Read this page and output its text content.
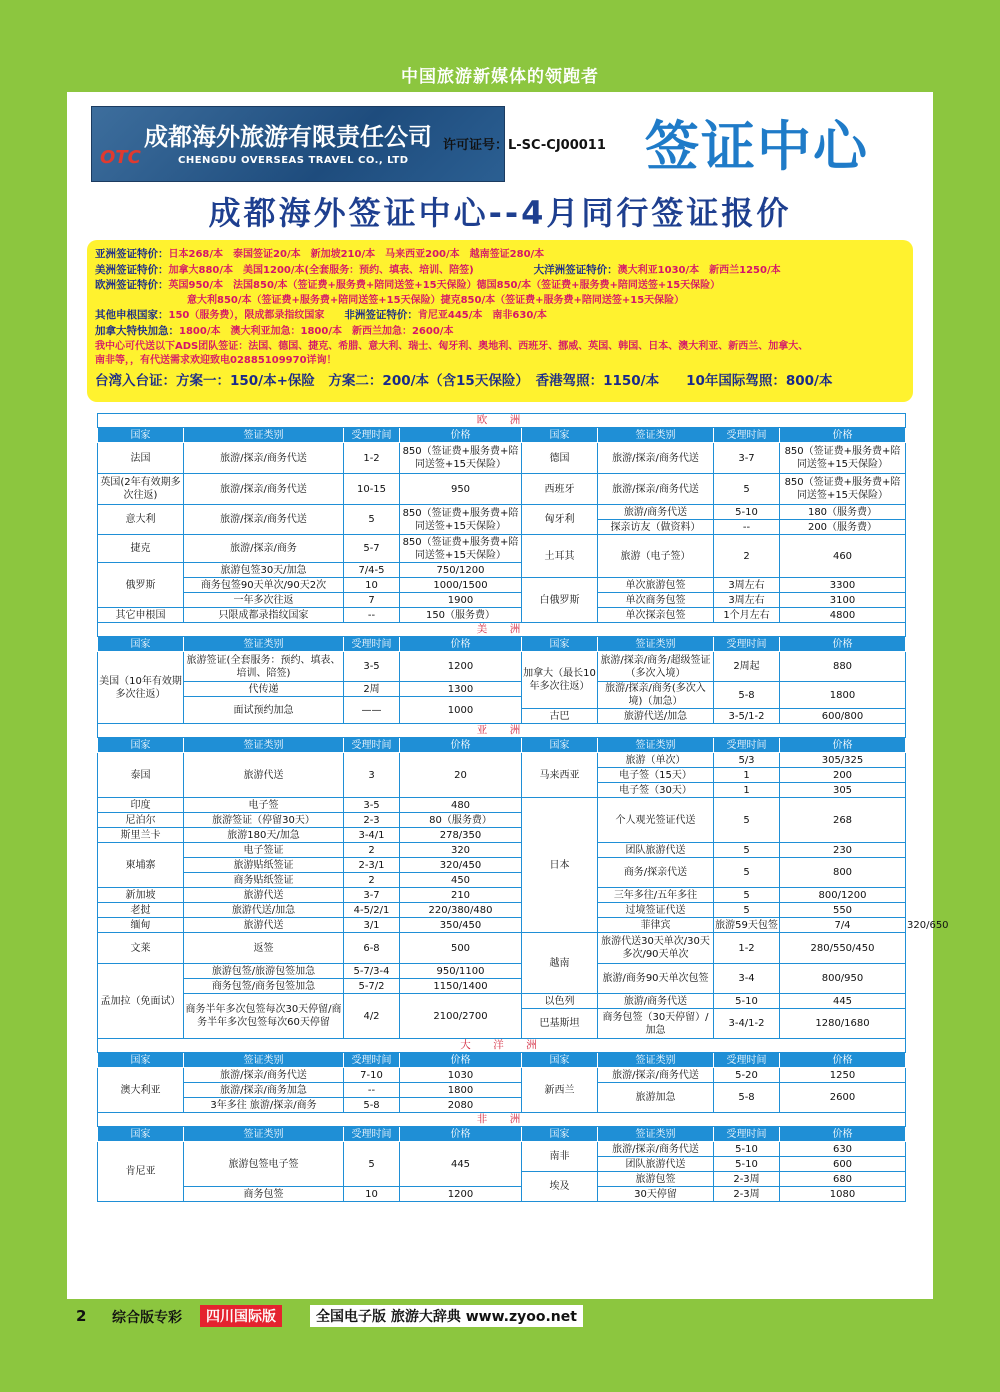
中国旅游新媒体的领跑者
OTC
成都海外旅游有限责任公司
CHENGDU OVERSEAS TRAVEL CO., LTD
许可证号：L-SC-CJ00011 签证中心
成都海外签证中心--4月同行签证报价
亚洲签证特价：日本268/本　泰国签证20/本　新加坡210/本　马来西亚200/本　越南签证280/本
美洲签证特价：加拿大880/本　美国1200/本(全套服务：预约、填表、培训、陪签)	大洋洲签证特价：澳大利亚1030/本　新西兰1250/本
欧洲签证特价：英国950/本　法国850/本（签证费+服务费+陪同送签+15天保险）德国850/本（签证费+服务费+陪同送签+15天保险）
意大利850/本（签证费+服务费+陪同送签+15天保险）捷克850/本（签证费+服务费+陪同送签+15天保险）
其他申根国家：150（服务费），限成都录指纹国家 非洲签证特价：肯尼亚445/本　南非630/本
加拿大特快加急：1800/本　澳大利亚加急：1800/本　新西兰加急：2600/本
我中心可代送以下ADS团队签证：法国、德国、捷克、希腊、意大利、瑞士、匈牙利、奥地利、西班牙、挪威、英国、韩国、日本、澳大利亚、新西兰、加拿大、
南非等，，有代送需求欢迎致电02885109970详询！
台湾入台证：方案一：150/本+保险　方案二：200/本（含15天保险）　香港驾照：1150/本　　10年国际驾照：800/本
欧　洲								
国家	签证类别	受理时间	价格	国家	签证类别	受理时间	价格	
法国	旅游/探亲/商务代送	1-2	850（签证费+服务费+陪同送签+15天保险）	德国	旅游/探亲/商务代送	3-7	850（签证费+服务费+陪同送签+15天保险）	
英国(2年有效期多次往返)	旅游/探亲/商务代送	10-15	950	西班牙	旅游/探亲/商务代送	5	850（签证费+服务费+陪同送签+15天保险）	
意大利	旅游/探亲/商务代送	5	850（签证费+服务费+陪同送签+15天保险）	匈牙利	旅游/商务代送	5-10	180（服务费）	
					探亲访友（做资料）	--	200（服务费）	
捷克	旅游/探亲/商务	5-7	850（签证费+服务费+陪同送签+15天保险）	土耳其	旅游（电子签）	2	460	
俄罗斯	旅游包签30天/加急	7/4-5	750/1200					
	商务包签90天单次/90天2次	10	1000/1500	白俄罗斯	单次旅游包签	3周左右	3300	
	一年多次往返	7	1900		单次商务包签	3周左右	3100	
其它申根国	只限成都录指纹国家	--	150（服务费）		单次探亲包签	1个月左右	4800	
美　洲								
国家	签证类别	受理时间	价格	国家	签证类别	受理时间	价格	
美国（10年有效期多次往返）	旅游签证(全套服务：预约、填表、培训、陪签)	3-5	1200	加拿大（最长10年多次往返）	旅游/探亲/商务/超级签证（多次入境）	2周起	880	
	代传递	2周	1300		旅游/探亲/商务(多次入境)（加急）	5-8	1800	
	面试预约加急	——	1000					
				古巴	旅游代送/加急	3-5/1-2	600/800	
亚　洲								
国家	签证类别	受理时间	价格	国家	签证类别	受理时间	价格	
泰国	旅游代送	3	20	马来西亚	旅游（单次）	5/3	305/325	
					电子签（15天）	1	200	
					电子签（30天）	1	305	
印度	电子签	3-5	480	日本	个人观光签证代送	5	268	
尼泊尔	旅游签证（停留30天）	2-3	80（服务费）					
斯里兰卡	旅游180天/加急	3-4/1	278/350					
柬埔寨	电子签证	2	320		团队旅游代送	5	230	
	旅游贴纸签证	2-3/1	320/450		商务/探亲代送	5	800	
	商务贴纸签证	2	450					
新加坡	旅游代送	3-7	210		三年多往/五年多往	5	800/1200	
老挝	旅游代送/加急	4-5/2/1	220/380/480		过境签证代送	5	550	
缅甸	旅游代送	3/1	350/450		菲律宾	旅游59天包签	7/4	320/650
文莱	返签	6-8	500	越南	旅游代送30天单次/30天多次/90天单次	1-2	280/550/450	
孟加拉（免面试）	旅游包签/旅游包签加急	5-7/3-4	950/1100		旅游/商务90天单次包签	3-4	800/950	
	商务包签/商务包签加急	5-7/2	1150/1400					
	商务半年多次包签每次30天停留/商务半年多次包签每次60天停留	4/2	2100/2700	以色列	旅游/商务代送	5-10	445	
				巴基斯坦	商务包签（30天停留）/加急	3-4/1-2	1280/1680	
大　洋　洲								
国家	签证类别	受理时间	价格	国家	签证类别	受理时间	价格	
澳大利亚	旅游/探亲/商务代送	7-10	1030	新西兰	旅游/探亲/商务代送	5-20	1250	
	旅游/探亲/商务加急	--	1800		旅游加急	5-8	2600	
	3年多往 旅游/探亲/商务	5-8	2080					
非　洲								
国家	签证类别	受理时间	价格	国家	签证类别	受理时间	价格	
肯尼亚	旅游包签电子签	5	445	南非	旅游/探亲/商务代送	5-10	630	
					团队旅游代送	5-10	600	
				埃及	旅游包签	2-3周	680	
	商务包签	10	1200		30天停留	2-3周	1080	
2 综合版专彩	四川国际版	全国电子版 旅游大辞典 www.zyoo.net
